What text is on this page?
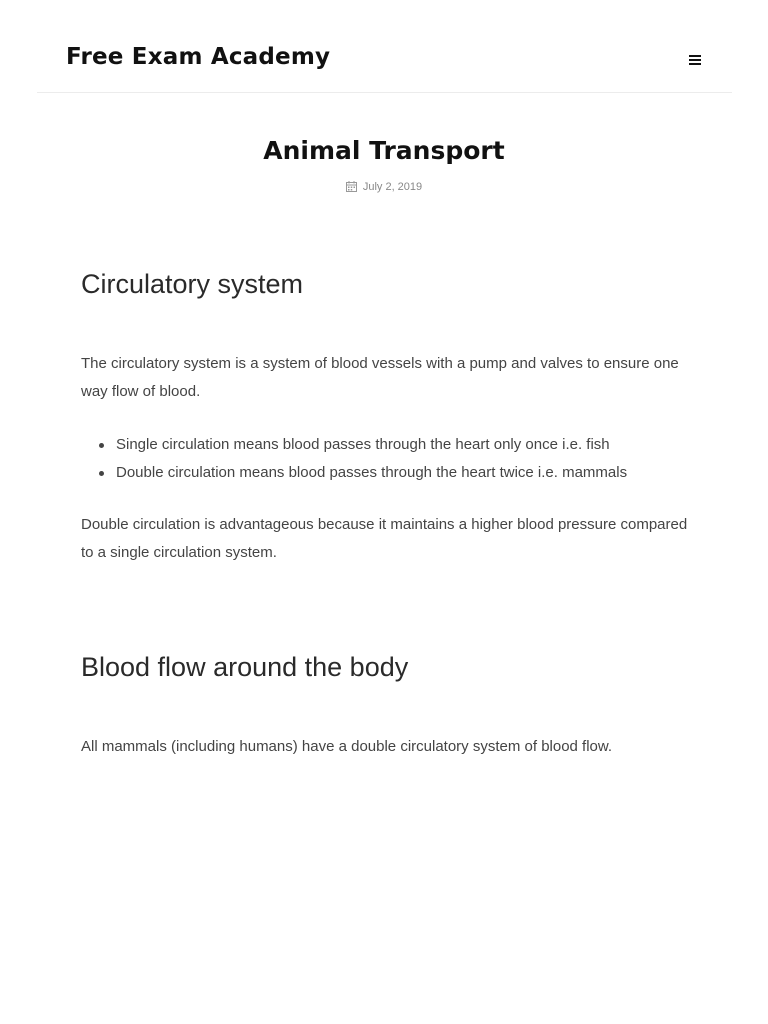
Free Exam Academy
Animal Transport
July 2, 2019
Circulatory system

The circulatory system is a system of blood vessels with a pump and valves to ensure one way flow of blood.

Single circulation means blood passes through the heart only once i.e. fish
Double circulation means blood passes through the heart twice i.e. mammals

Double circulation is advantageous because it maintains a higher blood pressure compared to a single circulation system.

Blood flow around the body

All mammals (including humans) have a double circulatory system of blood flow.
